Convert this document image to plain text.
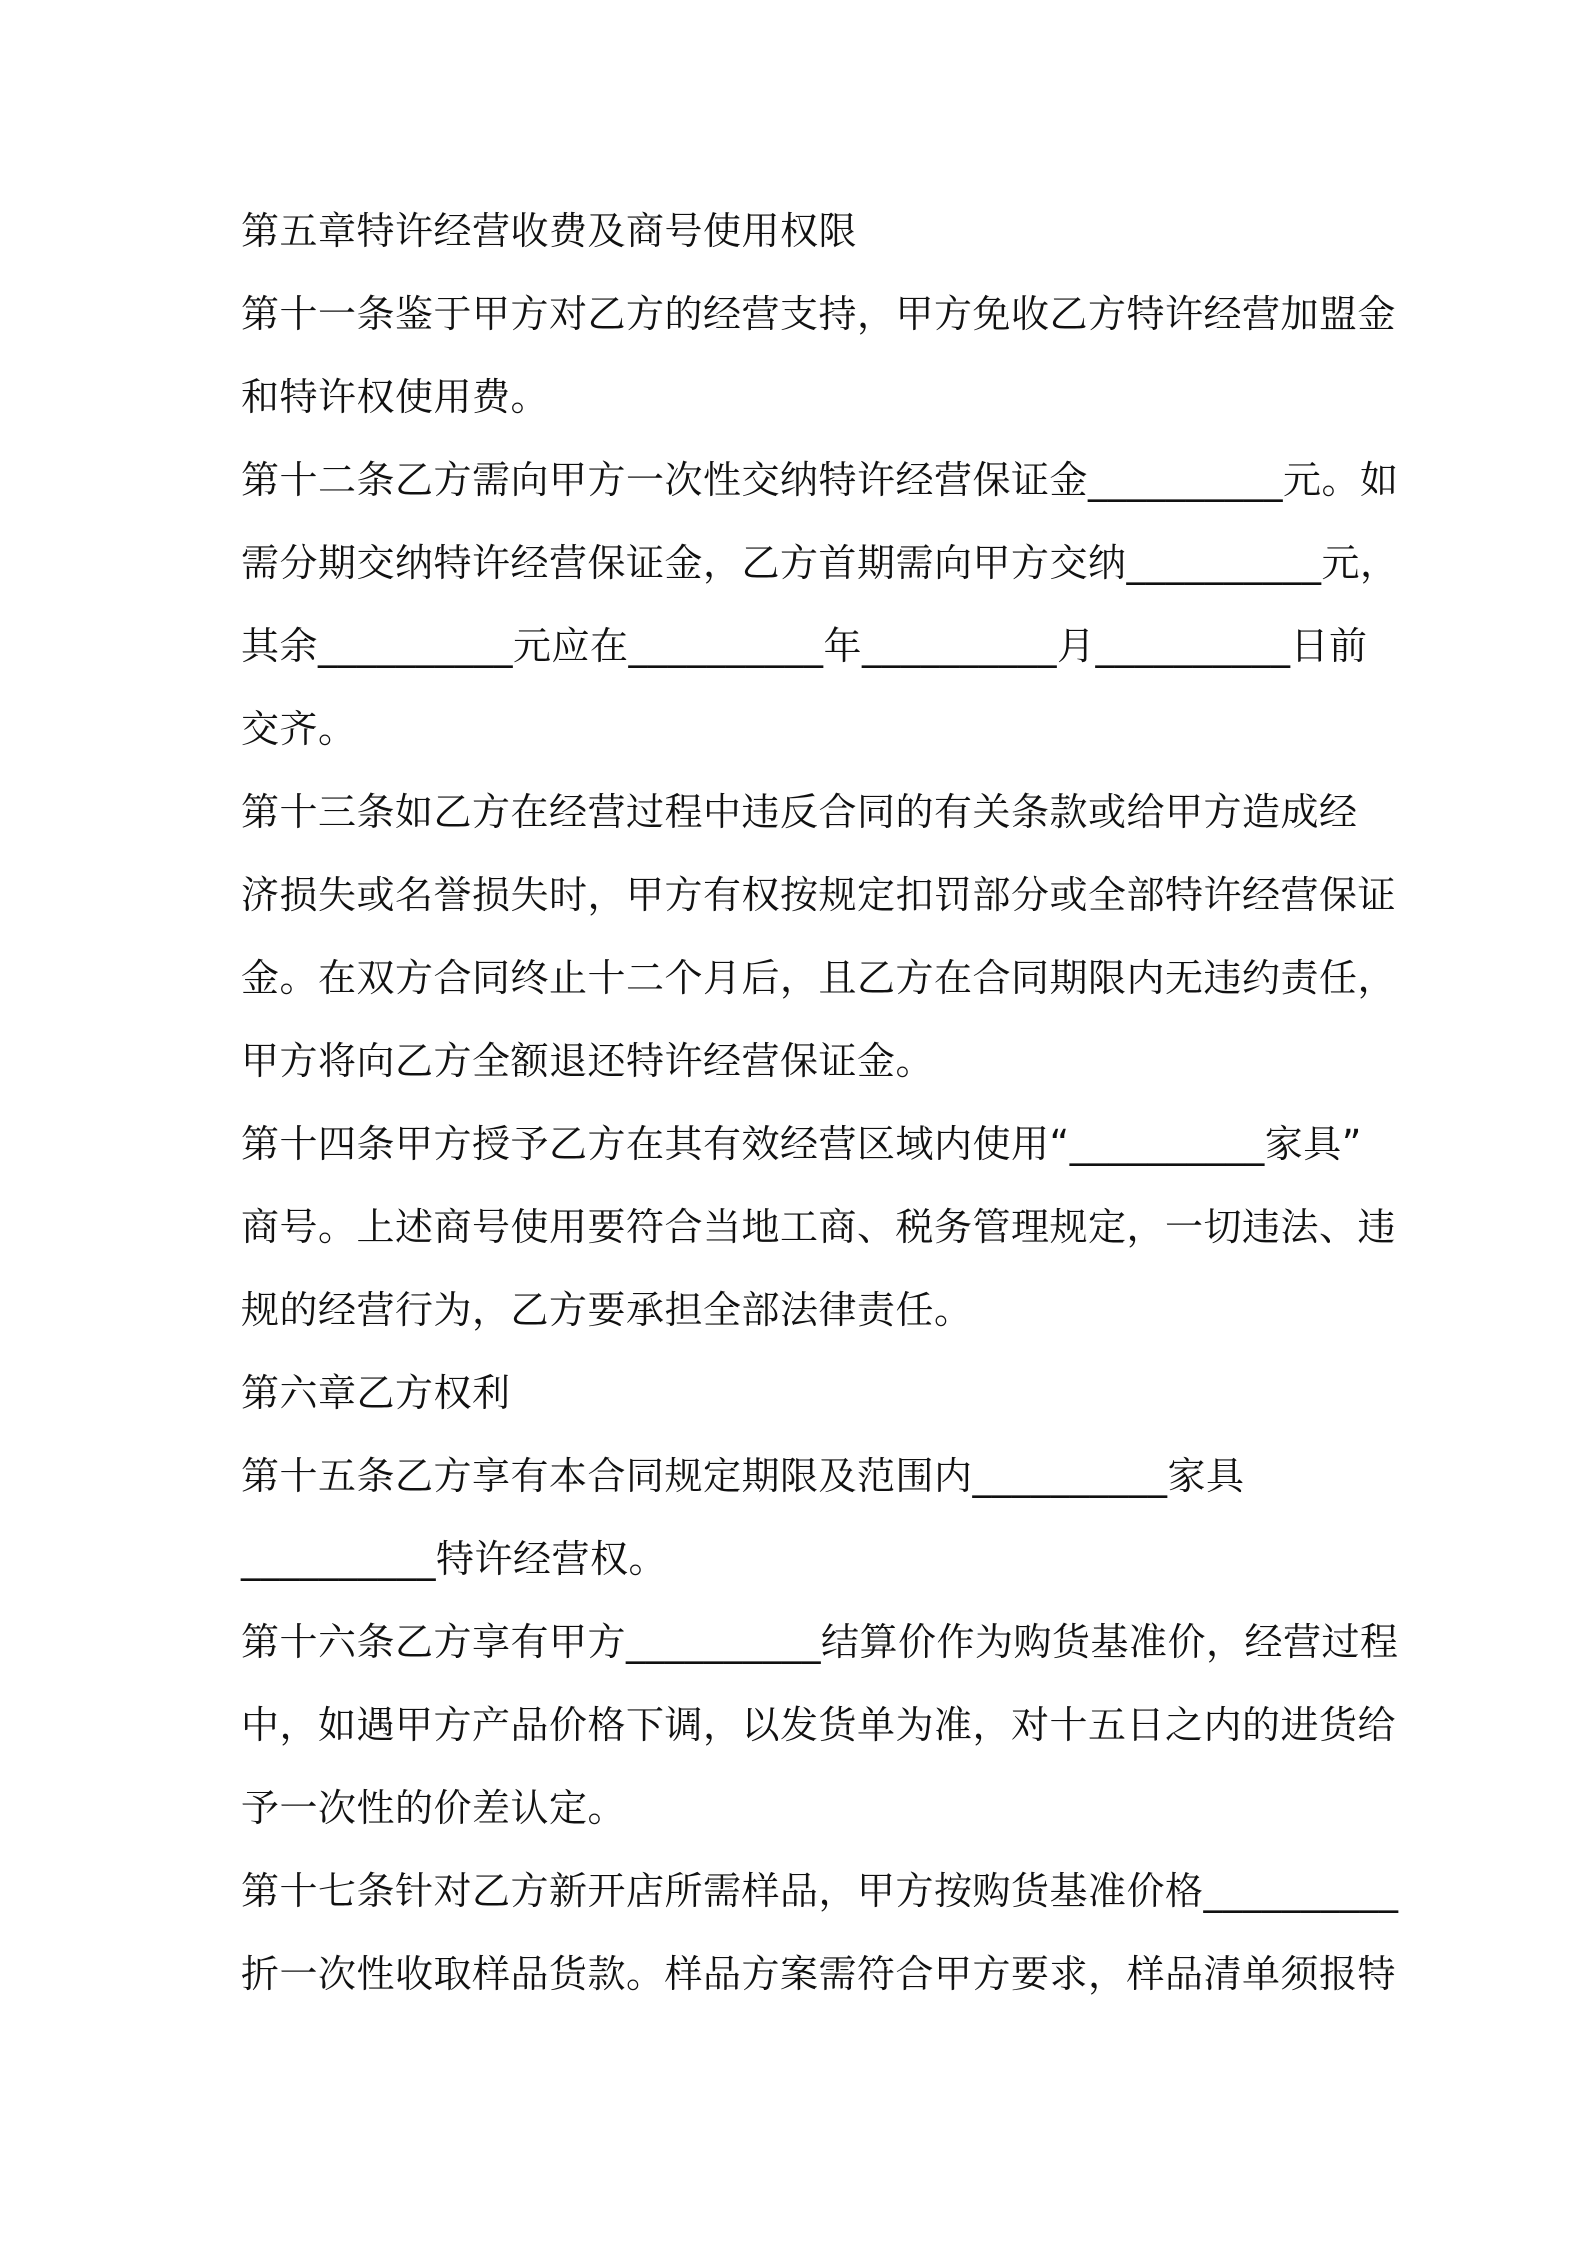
第五章特许经营收费及商号使用权限
第十一条鉴于甲方对乙方的经营支持，甲方免收乙方特许经营加盟金
和特许权使用费。
第十二条乙方需向甲方一次性交纳特许经营保证金__________元。如
需分期交纳特许经营保证金，乙方首期需向甲方交纳__________元，
其余__________元应在__________年__________月__________日前
交齐。
第十三条如乙方在经营过程中违反合同的有关条款或给甲方造成经
济损失或名誉损失时，甲方有权按规定扣罚部分或全部特许经营保证
金。在双方合同终止十二个月后，且乙方在合同期限内无违约责任，
甲方将向乙方全额退还特许经营保证金。
第十四条甲方授予乙方在其有效经营区域内使用“__________家具”
商号。上述商号使用要符合当地工商、税务管理规定，一切违法、违
规的经营行为，乙方要承担全部法律责任。
第六章乙方权利
第十五条乙方享有本合同规定期限及范围内__________家具
__________特许经营权。
第十六条乙方享有甲方__________结算价作为购货基准价，经营过程
中，如遇甲方产品价格下调，以发货单为准，对十五日之内的进货给
予一次性的价差认定。
第十七条针对乙方新开店所需样品，甲方按购货基准价格__________
折一次性收取样品货款。样品方案需符合甲方要求，样品清单须报特
